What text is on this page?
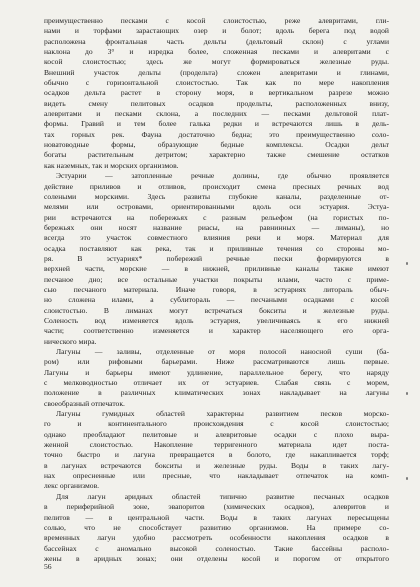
преимущественно песками с косой слоистостью, реже алевритами, гли-
нами и торфами зарастающих озер и болот; вдоль берега под водой
расположена фронтальная часть дельты (дельтовый склон) с углами
наклона до 3° и изредка более, сложенная песками и алевритами с
косой слоистостью; здесь же могут формироваться железные руды.
Внешний участок дельты (продельта) сложен алевритами и глинами,
обычно с горизонтальной слоистостью. Так как по мере накопления
осадков дельта растет в сторону моря, в вертикальном разрезе можно
видеть смену пелитовых осадков продельты, расположенных внизу,
алевритами и песками склона, а последних — песками дельтовой плат-
формы. Гравий и тем более галька редки и встречаются лишь в дель-
тах горных рек. Фауна достаточно бедна; это преимущественно соло-
новатоводные формы, образующие бедные комплексы. Осадки дельт
богаты растительным детритом; характерно также смешение остатков
как наземных, так и морских организмов.
Эстуарии — затопленные речные долины, где обычно проявляется
действие приливов и отливов, происходит смена пресных речных вод
солеными морскими. Здесь развиты глубокие каналы, разделенные от-
мелями или островами, ориентированными вдоль оси эстуария. Эстуа-
рии встречаются на побережьях с разным рельефом (на гористых по-
бережьях они носят название риасы, на равнинных — лиманы), но
всегда это участок совместного влияния реки и моря. Материал для
осадка поставляют как река, так и приливные течения со стороны мо-
ря. В эстуариях* побережий речные пески формируются в
верхней части, морские — в нижней, приливные каналы также имеют
песчаное дно; все остальные участки покрыты илами, часто с приме-
сью песчаного материала. Иначе говоря, в эстуариях литораль обыч-
но сложена илами, а сублитораль — песчаными осадками с косой
слоистостью. В лиманах могут встречаться бокситы и железные руды.
Соленость вод изменяется вдоль эстуария, увеличиваясь к его нижней
части; соответственно изменяется и характер населяющего его орга-
нического мира.
Лагуны — заливы, отделенные от моря полосой наносной суши (ба-
ром) или рифовыми барьерами. Ниже рассматриваются лишь первые.
Лагуны и барьеры имеют удлинение, параллельное берегу, что наряду
с мелководностью отличает их от эстуариев. Слабая связь с морем,
положение в различных климатических зонах накладывает на лагуны
своеобразный отпечаток.
Лагуны гумидных областей характерны развитием песков морско-
го и континентального происхождения с косой слоистостью;
однако преобладают пелитовые и алевритовые осадки с плохо выра-
женной слоистостью. Накопление терригенного материала идет поста-
точно быстро и лагуна превращается в болото, где накапливается торф;
в лагунах встречаются бокситы и железные руды. Воды в таких лагу-
нах опресненные или пресные, что накладывает отпечаток на комп-
лекс организмов.
Для лагун аридных областей типично развитие песчаных осадков
в периферийной зоне, эвапоритов (химических осадков), алевритов и
пелитов — в центральной части. Воды в таких лагунах пересыщены
солью, что не способствует развитию организмов. На примере со-
временных лагун удобно рассмотреть особенности накопления осадков в
бассейнах с аномально высокой соленостью. Такие бассейны располо-
жены в аридных зонах; они отделены косой и порогом от открытого
56
